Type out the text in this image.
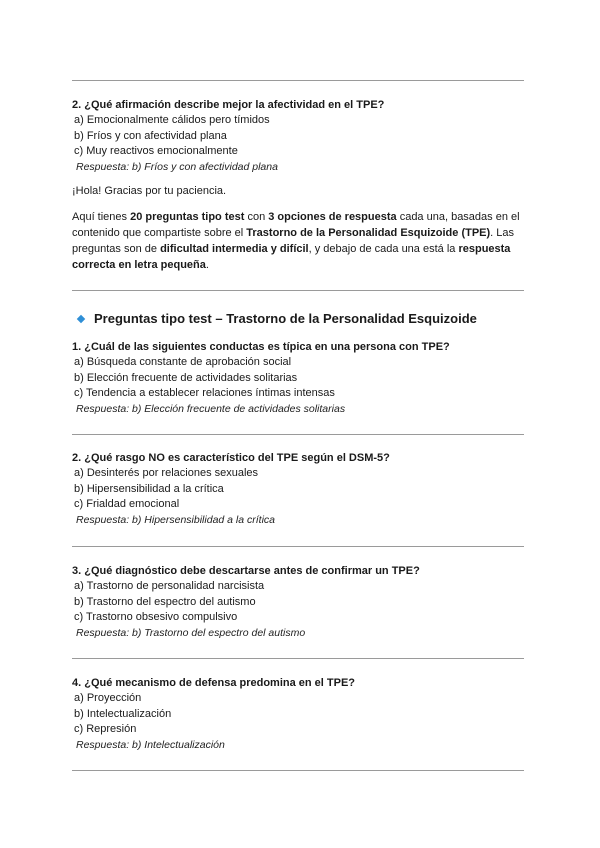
2. ¿Qué afirmación describe mejor la afectividad en el TPE?

a) Emocionalmente cálidos pero tímidos

b) Fríos y con afectividad plana

c) Muy reactivos emocionalmente

Respuesta: b) Fríos y con afectividad plana

¡Hola! Gracias por tu paciencia.

Aquí tienes 20 preguntas tipo test con 3 opciones de respuesta cada una, basadas en el contenido que compartiste sobre el Trastorno de la Personalidad Esquizoide (TPE). Las preguntas son de dificultad intermedia y difícil, y debajo de cada una está la respuesta correcta en letra pequeña.

Preguntas tipo test – Trastorno de la Personalidad Esquizoide

1. ¿Cuál de las siguientes conductas es típica en una persona con TPE?

a) Búsqueda constante de aprobación social

b) Elección frecuente de actividades solitarias

c) Tendencia a establecer relaciones íntimas intensas

Respuesta: b) Elección frecuente de actividades solitarias

2. ¿Qué rasgo NO es característico del TPE según el DSM-5?

a) Desinterés por relaciones sexuales

b) Hipersensibilidad a la crítica

c) Frialdad emocional

Respuesta: b) Hipersensibilidad a la crítica

3. ¿Qué diagnóstico debe descartarse antes de confirmar un TPE?

a) Trastorno de personalidad narcisista

b) Trastorno del espectro del autismo

c) Trastorno obsesivo compulsivo

Respuesta: b) Trastorno del espectro del autismo

4. ¿Qué mecanismo de defensa predomina en el TPE?

a) Proyección

b) Intelectualización

c) Represión

Respuesta: b) Intelectualización
